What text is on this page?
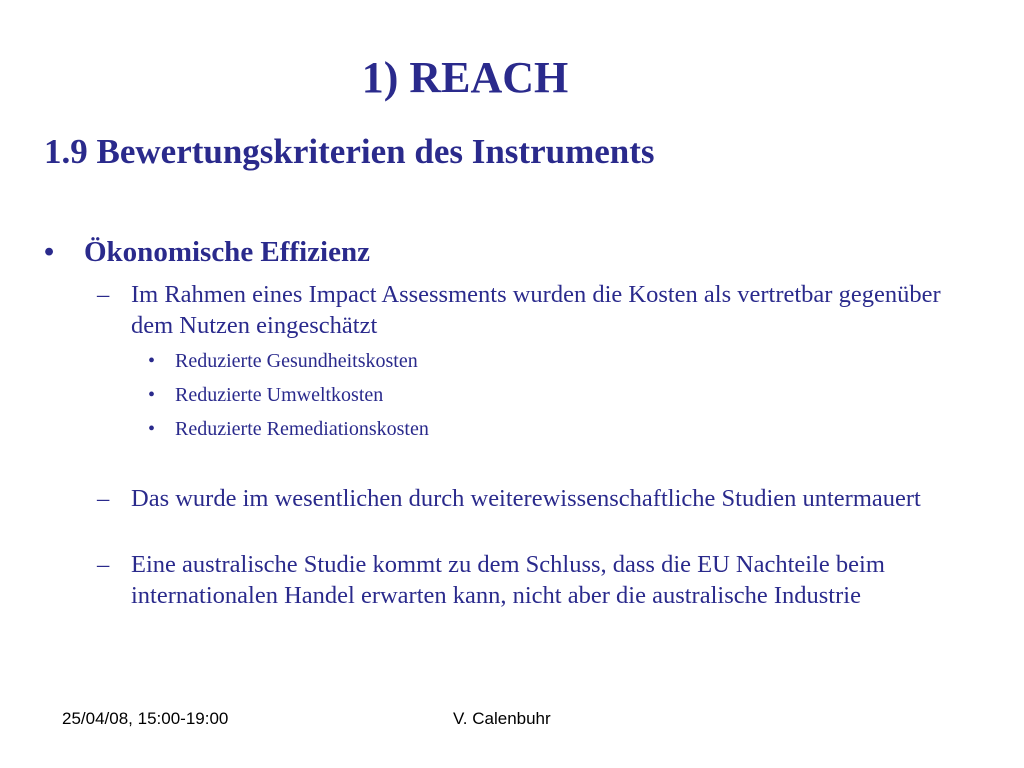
1) REACH
1.9 Bewertungskriterien des Instruments
• Ökonomische Effizienz
– Im Rahmen eines Impact Assessments wurden die Kosten als vertretbar gegenüber dem Nutzen eingeschätzt
• Reduzierte Gesundheitskosten
• Reduzierte Umweltkosten
• Reduzierte Remediationskosten
– Das wurde im wesentlichen durch weiterewissenschaftliche Studien untermauert
– Eine australische Studie kommt zu dem Schluss, dass die EU Nachteile beim internationalen Handel erwarten kann, nicht aber die australische Industrie
25/04/08, 15:00-19:00	V. Calenbuhr
